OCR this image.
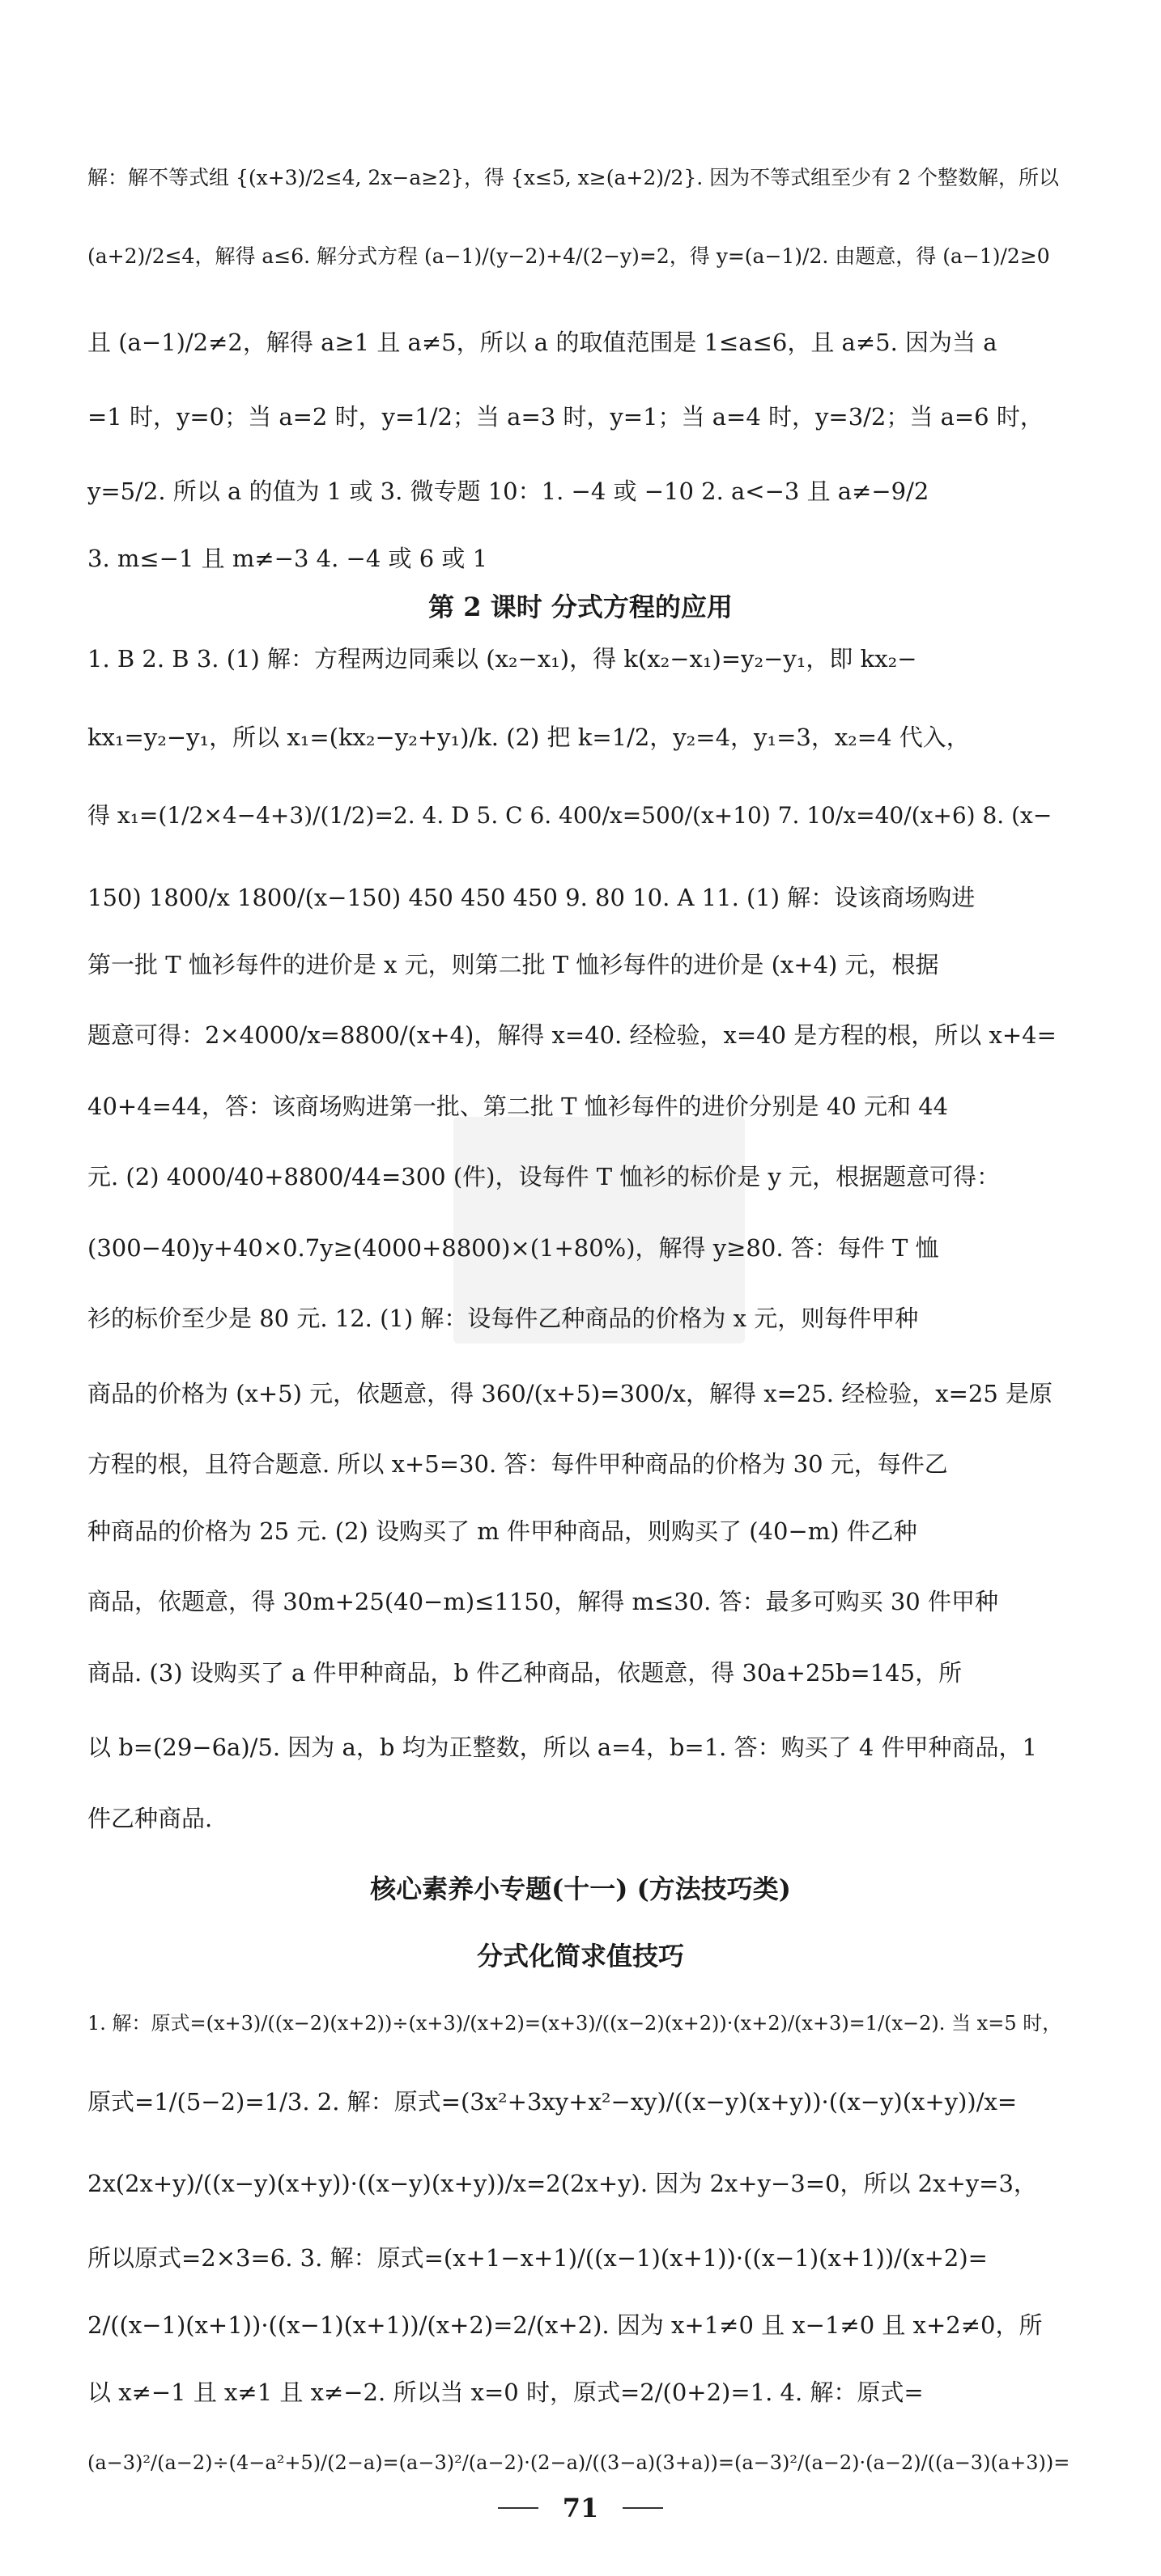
解：解不等式组 {(x+3)/2≤4, 2x−a≥2}，得 {x≤5, x≥(a+2)/2}. 因为不等式组至少有 2 个整数解，所以
(a+2)/2≤4，解得 a≤6. 解分式方程 (a−1)/(y−2)+4/(2−y)=2，得 y=(a−1)/2. 由题意，得 (a−1)/2≥0
且 (a−1)/2≠2，解得 a≥1 且 a≠5，所以 a 的取值范围是 1≤a≤6，且 a≠5. 因为当 a
=1 时，y=0；当 a=2 时，y=1/2；当 a=3 时，y=1；当 a=4 时，y=3/2；当 a=6 时，
y=5/2. 所以 a 的值为 1 或 3. 微专题 10：1. −4 或 −10 2. a<−3 且 a≠−9/2
3. m≤−1 且 m≠−3 4. −4 或 6 或 1
第 2 课时 分式方程的应用
1. B 2. B 3. (1) 解：方程两边同乘以 (x₂−x₁)，得 k(x₂−x₁)=y₂−y₁，即 kx₂−
kx₁=y₂−y₁，所以 x₁=(kx₂−y₂+y₁)/k. (2) 把 k=1/2，y₂=4，y₁=3，x₂=4 代入，
得 x₁=(1/2×4−4+3)/(1/2)=2. 4. D 5. C 6. 400/x=500/(x+10) 7. 10/x=40/(x+6) 8. (x−
150) 1800/x 1800/(x−150) 450 450 450 9. 80 10. A 11. (1) 解：设该商场购进
第一批 T 恤衫每件的进价是 x 元，则第二批 T 恤衫每件的进价是 (x+4) 元，根据
题意可得：2×4000/x=8800/(x+4)，解得 x=40. 经检验，x=40 是方程的根，所以 x+4=
40+4=44，答：该商场购进第一批、第二批 T 恤衫每件的进价分别是 40 元和 44
元. (2) 4000/40+8800/44=300 (件)，设每件 T 恤衫的标价是 y 元，根据题意可得：
(300−40)y+40×0.7y≥(4000+8800)×(1+80%)，解得 y≥80. 答：每件 T 恤
衫的标价至少是 80 元. 12. (1) 解：设每件乙种商品的价格为 x 元，则每件甲种
商品的价格为 (x+5) 元，依题意，得 360/(x+5)=300/x，解得 x=25. 经检验，x=25 是原
方程的根，且符合题意. 所以 x+5=30. 答：每件甲种商品的价格为 30 元，每件乙
种商品的价格为 25 元. (2) 设购买了 m 件甲种商品，则购买了 (40−m) 件乙种
商品，依题意，得 30m+25(40−m)≤1150，解得 m≤30. 答：最多可购买 30 件甲种
商品. (3) 设购买了 a 件甲种商品，b 件乙种商品，依题意，得 30a+25b=145，所
以 b=(29−6a)/5. 因为 a，b 均为正整数，所以 a=4，b=1. 答：购买了 4 件甲种商品，1
件乙种商品.
核心素养小专题(十一) (方法技巧类)
分式化简求值技巧
1. 解：原式=(x+3)/((x−2)(x+2))÷(x+3)/(x+2)=(x+3)/((x−2)(x+2))·(x+2)/(x+3)=1/(x−2). 当 x=5 时，
原式=1/(5−2)=1/3. 2. 解：原式=(3x²+3xy+x²−xy)/((x−y)(x+y))·((x−y)(x+y))/x=
2x(2x+y)/((x−y)(x+y))·((x−y)(x+y))/x=2(2x+y). 因为 2x+y−3=0，所以 2x+y=3，
所以原式=2×3=6. 3. 解：原式=(x+1−x+1)/((x−1)(x+1))·((x−1)(x+1))/(x+2)=
2/((x−1)(x+1))·((x−1)(x+1))/(x+2)=2/(x+2). 因为 x+1≠0 且 x−1≠0 且 x+2≠0，所
以 x≠−1 且 x≠1 且 x≠−2. 所以当 x=0 时，原式=2/(0+2)=1. 4. 解：原式=
(a−3)²/(a−2)÷(4−a²+5)/(2−a)=(a−3)²/(a−2)·(2−a)/((3−a)(3+a))=(a−3)²/(a−2)·(a−2)/((a−3)(a+3))=
71
